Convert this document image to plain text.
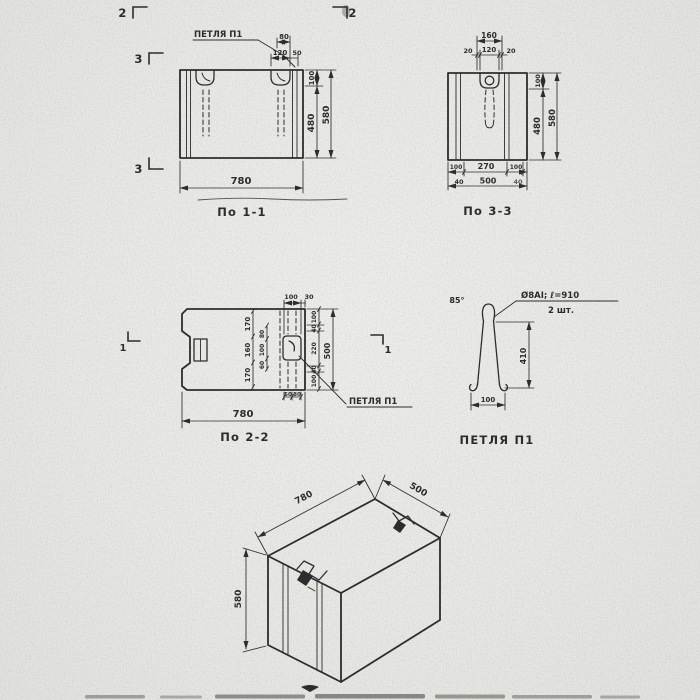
780
100
480 580
80
120 50
ПЕТЛЯ П1
2	2
3
3
По 1-1
160
20 120 20
100
480 580
100 270	100
40 500	40
По 3-3
100 30
170
160
170
80
100
60
100
40
220
40
100
500
50 80
780
ПЕТЛЯ П1
1	1
По 2-2
85°	Ø8AI; ℓ=910
2 шт.
410
100
ПЕТЛЯ П1
780	500
580
